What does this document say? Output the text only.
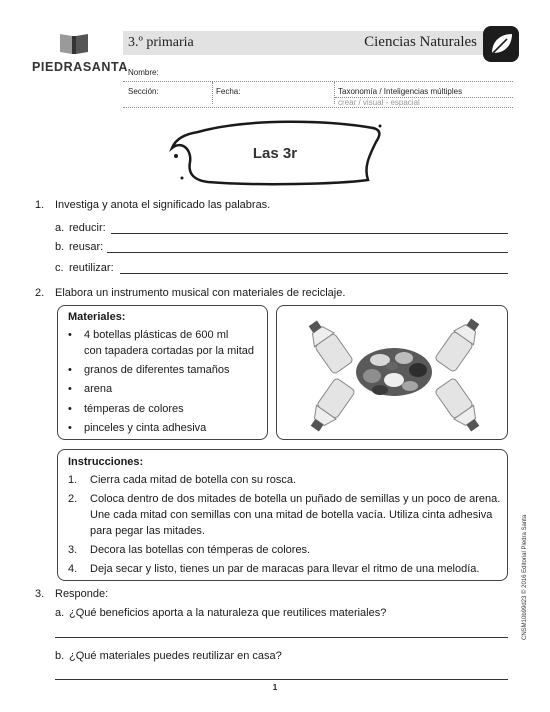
PIEDRASANTA
3.º primaria	Ciencias Naturales
Nombre:
Sección:	Fecha:	Taxonomía / Inteligencias múltiples
crear / visual - espacial
Las 3r
1. Investiga y anota el significado las palabras.
a. reducir:
b. reusar:
c. reutilizar:
2. Elabora un instrumento musical con materiales de reciclaje.
Materiales:
• 4 botellas plásticas de 600 ml
con tapadera cortadas por la mitad
• granos de diferentes tamaños
• arena
• témperas de colores
• pinceles y cinta adhesiva
Instrucciones:
1. Cierra cada mitad de botella con su rosca.
2. Coloca dentro de dos mitades de botella un puñado de semillas y un poco de arena.
Une cada mitad con semillas con una mitad de botella vacía. Utiliza cinta adhesiva
para pegar las mitades.
3. Decora las botellas con témperas de colores.
4. Deja secar y listo, tienes un par de maracas para llevar el ritmo de una melodía.
3. Responde:
a. ¿Qué beneficios aporta a la naturaleza que reutilices materiales?
b. ¿Qué materiales puedes reutilizar en casa?
1
CNSM10b99d23 © 2016 Editorial Piedra Santa
